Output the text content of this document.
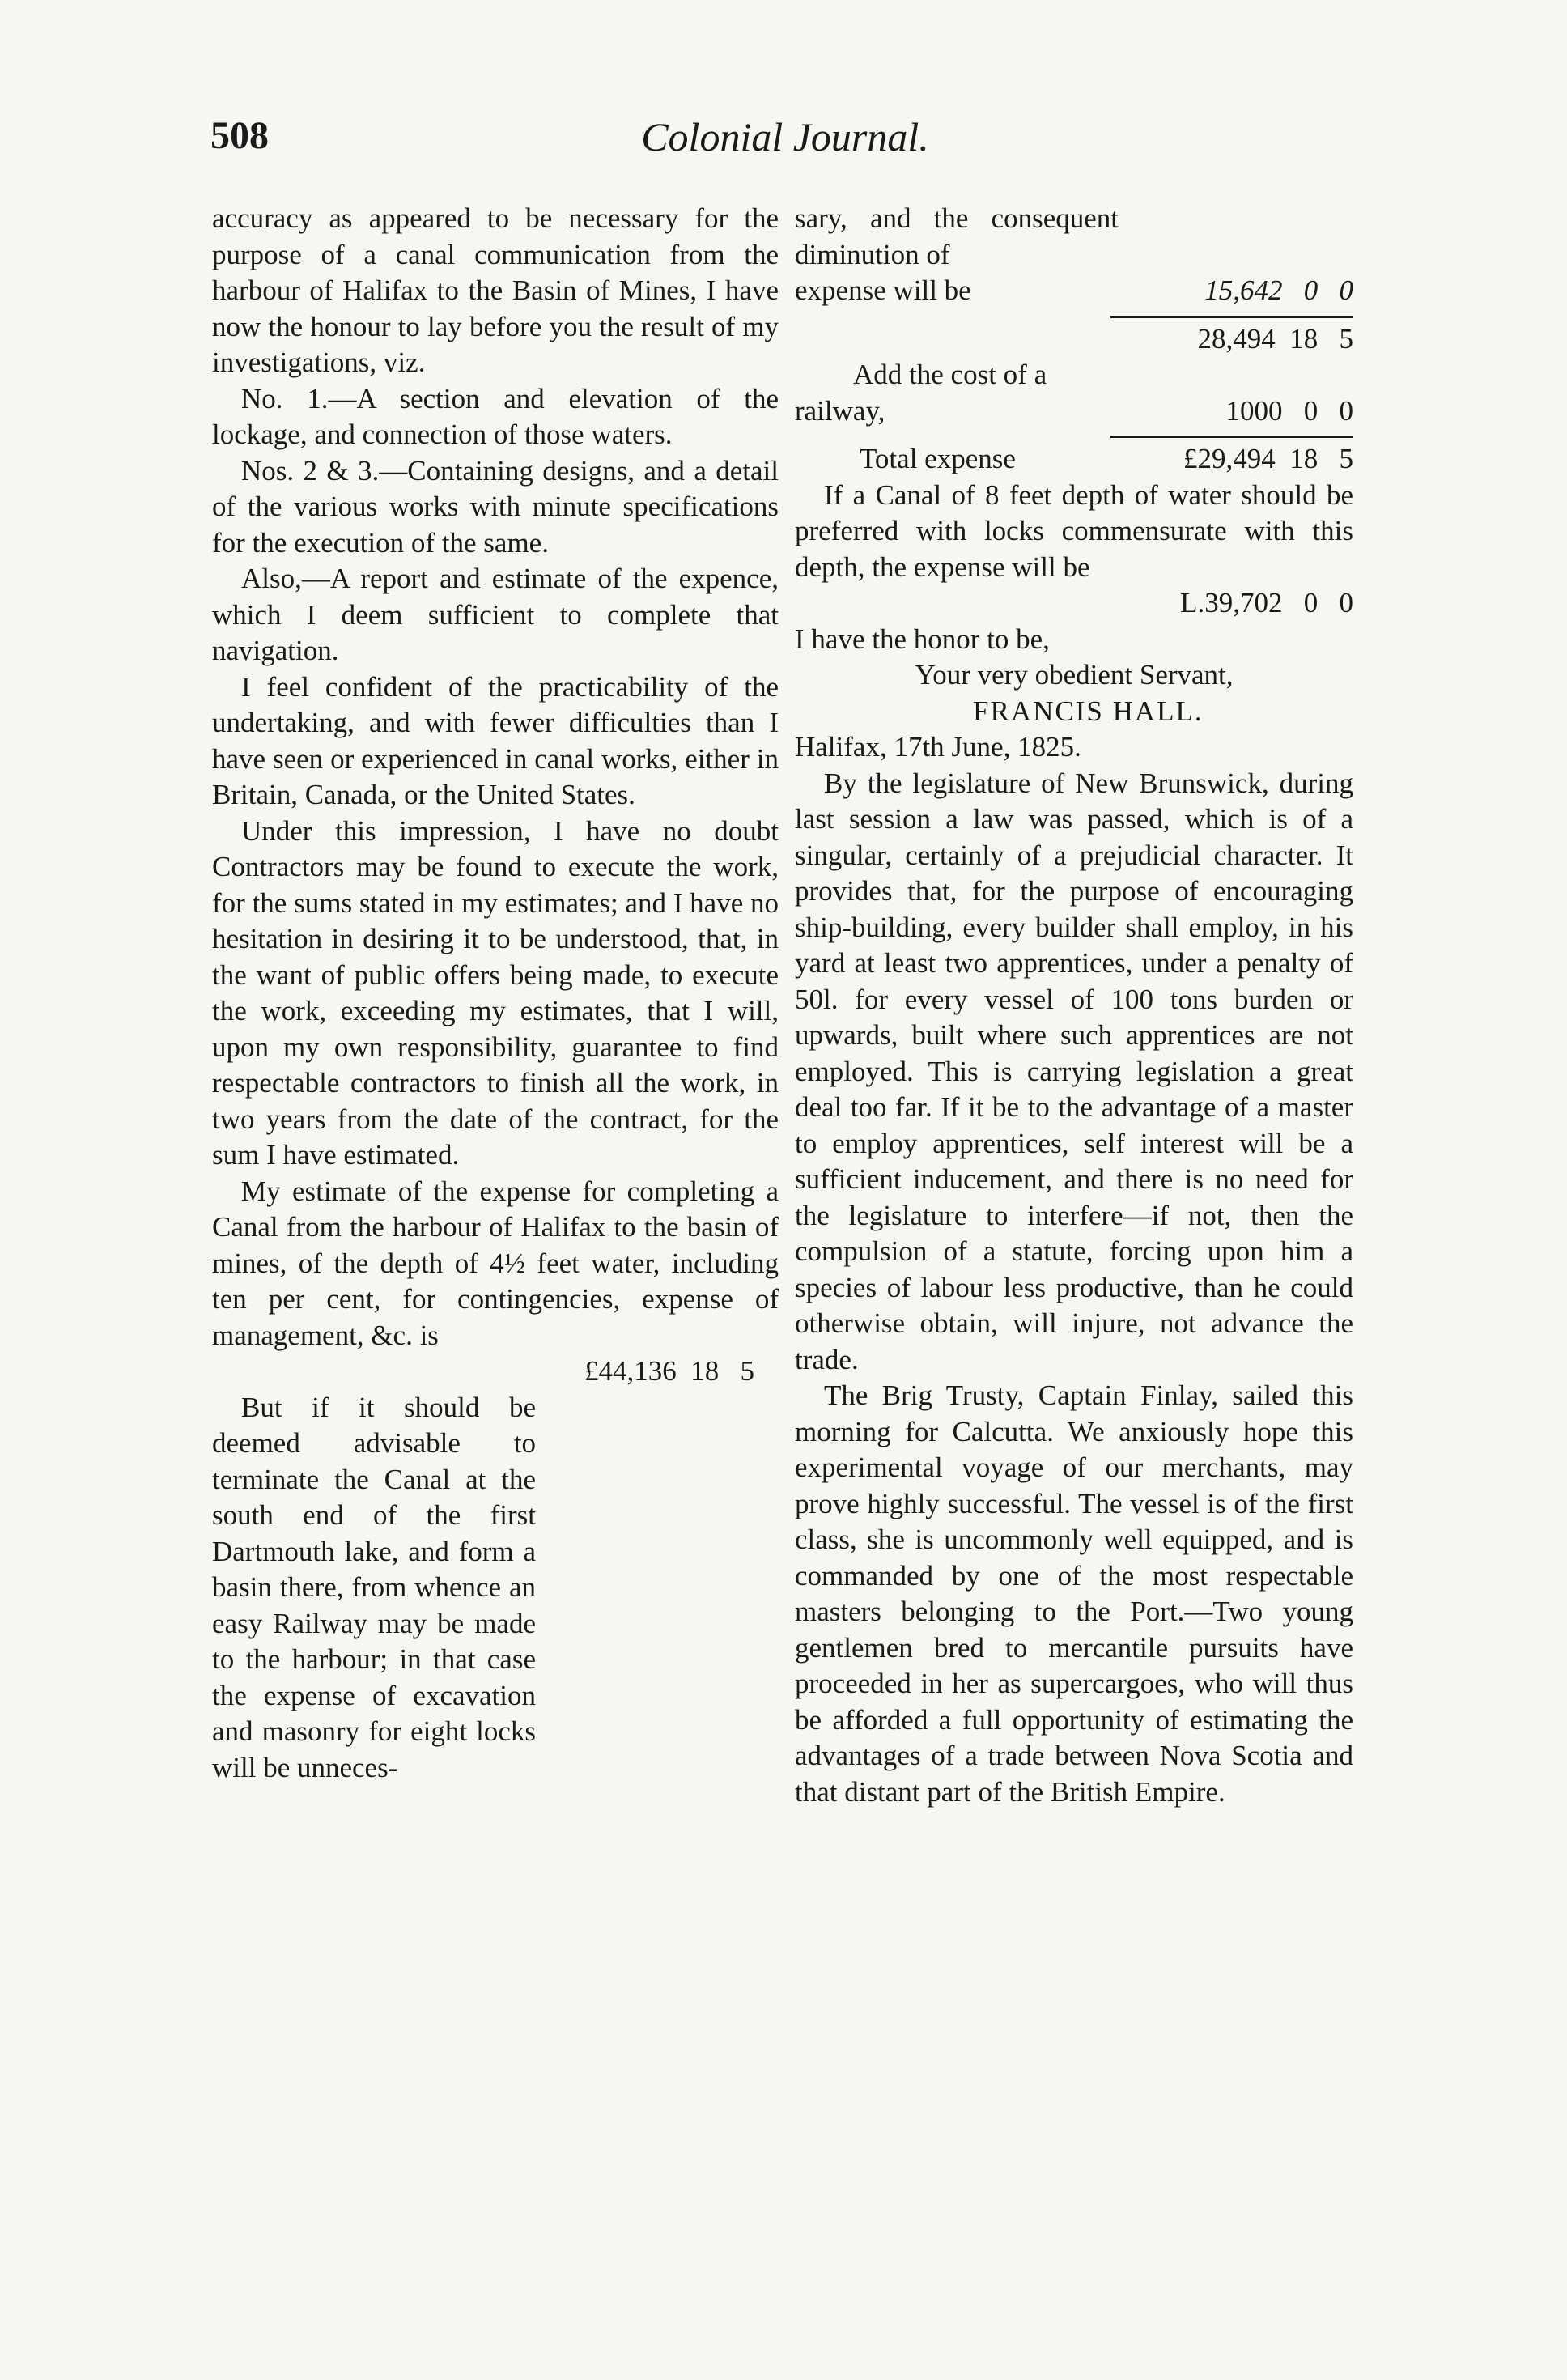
508	Colonial Journal.

accuracy as appeared to be necessary for the purpose of a canal communication from the harbour of Halifax to the Basin of Mines, I have now the honour to lay before you the result of my investigations, viz.

No. 1.—A section and elevation of the lockage, and connection of those waters.

Nos. 2 & 3.—Containing designs, and a detail of the various works with minute specifications for the execution of the same.

Also,—A report and estimate of the expence, which I deem sufficient to complete that navigation.

I feel confident of the practicability of the undertaking, and with fewer difficulties than I have seen or experienced in canal works, either in Britain, Canada, or the United States.

Under this impression, I have no doubt Contractors may be found to execute the work, for the sums stated in my estimates; and I have no hesitation in desiring it to be understood, that, in the want of public offers being made, to execute the work, exceeding my estimates, that I will, upon my own responsibility, guarantee to find respectable contractors to finish all the work, in two years from the date of the contract, for the sum I have estimated.

My estimate of the expense for completing a Canal from the harbour of Halifax to the basin of mines, of the depth of 4½ feet water, including ten per cent, for contingencies, expense of management, &c. is

£44,136  18   5

But if it should be deemed advisable to terminate the Canal at the south end of the first Dartmouth lake, and form a basin there, from whence an easy Railway may be made to the harbour; in that case the expense of excavation and masonry for eight locks will be unneces-

sary, and the consequent diminution of

expense will be	15,642   0   0
28,494  18   5
Add the cost of a
railway,	1000   0   0
Total expense	£29,494  18   5

If a Canal of 8 feet depth of water should be preferred with locks commensurate with this depth, the expense will be

L.39,702   0   0

I have the honor to be,

Your very obedient Servant,

FRANCIS HALL.

Halifax, 17th June, 1825.

By the legislature of New Brunswick, during last session a law was passed, which is of a singular, certainly of a prejudicial character. It provides that, for the purpose of encouraging ship-building, every builder shall employ, in his yard at least two apprentices, under a penalty of 50l. for every vessel of 100 tons burden or upwards, built where such apprentices are not employed. This is carrying legislation a great deal too far. If it be to the advantage of a master to employ apprentices, self interest will be a sufficient inducement, and there is no need for the legislature to interfere—if not, then the compulsion of a statute, forcing upon him a species of labour less productive, than he could otherwise obtain, will injure, not advance the trade.

The Brig Trusty, Captain Finlay, sailed this morning for Calcutta. We anxiously hope this experimental voyage of our merchants, may prove highly successful. The vessel is of the first class, she is uncommonly well equipped, and is commanded by one of the most respectable masters belonging to the Port.—Two young gentlemen bred to mercantile pursuits have proceeded in her as supercargoes, who will thus be afforded a full opportunity of estimating the advantages of a trade between Nova Scotia and that distant part of the British Empire.
